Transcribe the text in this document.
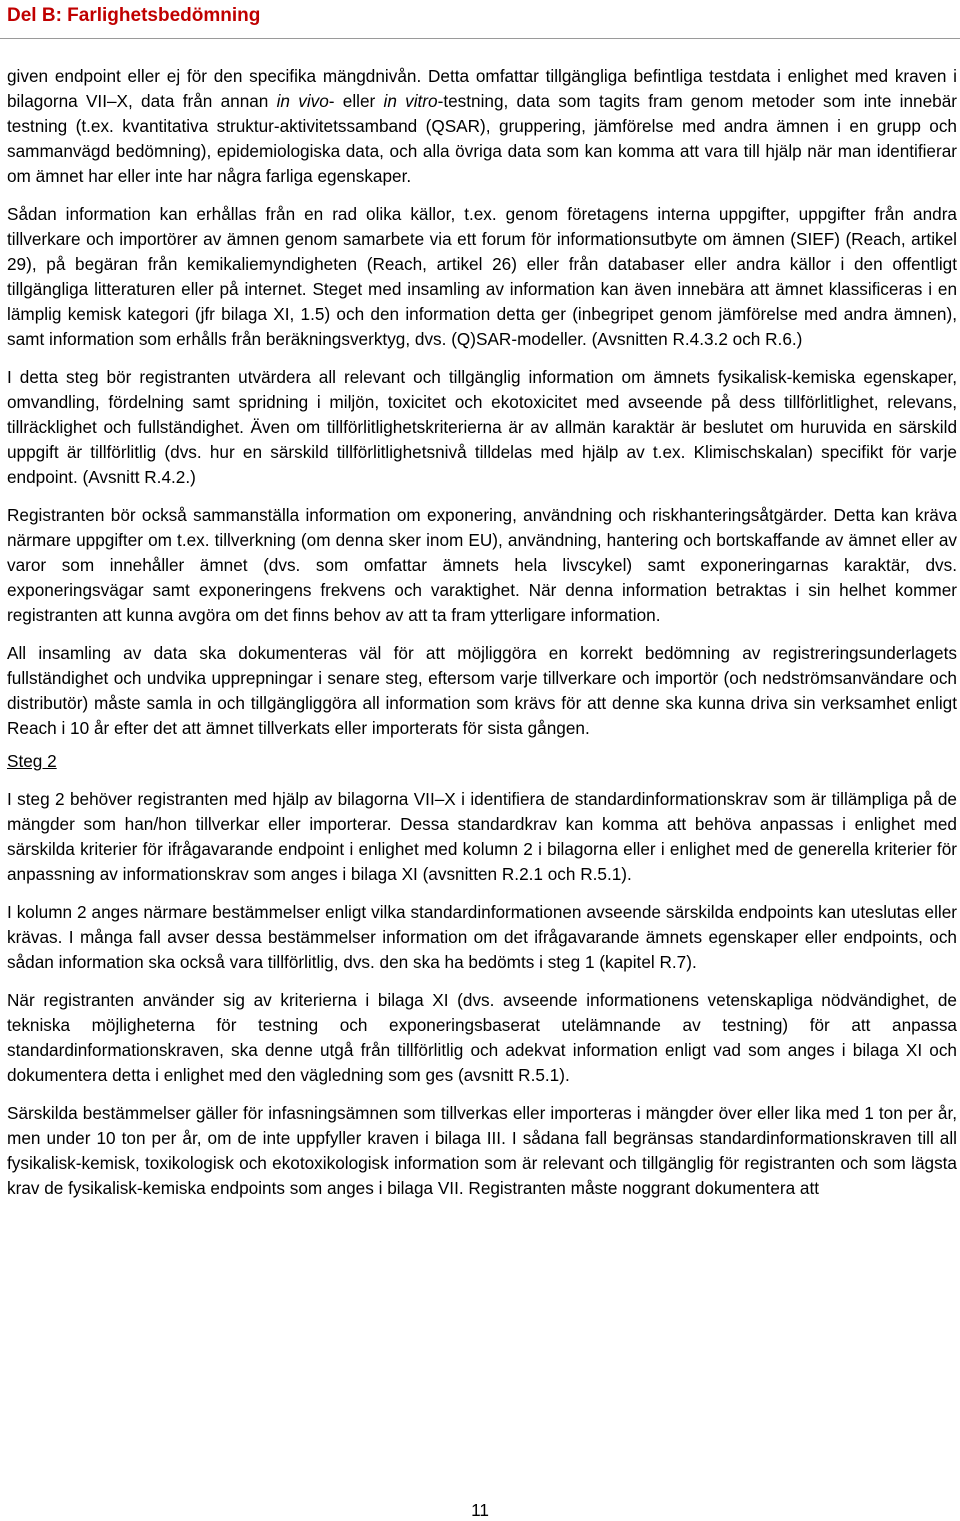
Del B: Farlighetsbedömning

given endpoint eller ej för den specifika mängdnivån. Detta omfattar tillgängliga befintliga testdata i enlighet med kraven i bilagorna VII–X, data från annan in vivo- eller in vitro-testning, data som tagits fram genom metoder som inte innebär testning (t.ex. kvantitativa struktur-aktivitetssamband (QSAR), gruppering, jämförelse med andra ämnen i en grupp och sammanvägd bedömning), epidemiologiska data, och alla övriga data som kan komma att vara till hjälp när man identifierar om ämnet har eller inte har några farliga egenskaper.

Sådan information kan erhållas från en rad olika källor, t.ex. genom företagens interna uppgifter, uppgifter från andra tillverkare och importörer av ämnen genom samarbete via ett forum för informationsutbyte om ämnen (SIEF) (Reach, artikel 29), på begäran från kemikaliemyndigheten (Reach, artikel 26) eller från databaser eller andra källor i den offentligt tillgängliga litteraturen eller på internet. Steget med insamling av information kan även innebära att ämnet klassificeras i en lämplig kemisk kategori (jfr bilaga XI, 1.5) och den information detta ger (inbegripet genom jämförelse med andra ämnen), samt information som erhålls från beräkningsverktyg, dvs. (Q)SAR-modeller. (Avsnitten R.4.3.2 och R.6.)

I detta steg bör registranten utvärdera all relevant och tillgänglig information om ämnets fysikalisk-kemiska egenskaper, omvandling, fördelning samt spridning i miljön, toxicitet och ekotoxicitet med avseende på dess tillförlitlighet, relevans, tillräcklighet och fullständighet. Även om tillförlitlighetskriterierna är av allmän karaktär är beslutet om huruvida en särskild uppgift är tillförlitlig (dvs. hur en särskild tillförlitlighetsnivå tilldelas med hjälp av t.ex. Klimischskalan) specifikt för varje endpoint. (Avsnitt R.4.2.)

Registranten bör också sammanställa information om exponering, användning och riskhanteringsåtgärder. Detta kan kräva närmare uppgifter om t.ex. tillverkning (om denna sker inom EU), användning, hantering och bortskaffande av ämnet eller av varor som innehåller ämnet (dvs. som omfattar ämnets hela livscykel) samt exponeringarnas karaktär, dvs. exponeringsvägar samt exponeringens frekvens och varaktighet. När denna information betraktas i sin helhet kommer registranten att kunna avgöra om det finns behov av att ta fram ytterligare information.

All insamling av data ska dokumenteras väl för att möjliggöra en korrekt bedömning av registreringsunderlagets fullständighet och undvika upprepningar i senare steg, eftersom varje tillverkare och importör (och nedströmsanvändare och distributör) måste samla in och tillgängliggöra all information som krävs för att denne ska kunna driva sin verksamhet enligt Reach i 10 år efter det att ämnet tillverkats eller importerats för sista gången.

Steg 2

I steg 2 behöver registranten med hjälp av bilagorna VII–X i identifiera de standardinformationskrav som är tillämpliga på de mängder som han/hon tillverkar eller importerar. Dessa standardkrav kan komma att behöva anpassas i enlighet med särskilda kriterier för ifrågavarande endpoint i enlighet med kolumn 2 i bilagorna eller i enlighet med de generella kriterier för anpassning av informationskrav som anges i bilaga XI (avsnitten R.2.1 och R.5.1).

I kolumn 2 anges närmare bestämmelser enligt vilka standardinformationen avseende särskilda endpoints kan uteslutas eller krävas. I många fall avser dessa bestämmelser information om det ifrågavarande ämnets egenskaper eller endpoints, och sådan information ska också vara tillförlitlig, dvs. den ska ha bedömts i steg 1 (kapitel R.7).

När registranten använder sig av kriterierna i bilaga XI (dvs. avseende informationens vetenskapliga nödvändighet, de tekniska möjligheterna för testning och exponeringsbaserat utelämnande av testning) för att anpassa standardinformationskraven, ska denne utgå från tillförlitlig och adekvat information enligt vad som anges i bilaga XI och dokumentera detta i enlighet med den vägledning som ges (avsnitt R.5.1).

Särskilda bestämmelser gäller för infasningsämnen som tillverkas eller importeras i mängder över eller lika med 1 ton per år, men under 10 ton per år, om de inte uppfyller kraven i bilaga III. I sådana fall begränsas standardinformationskraven till all fysikalisk-kemisk, toxikologisk och ekotoxikologisk information som är relevant och tillgänglig för registranten och som lägsta krav de fysikalisk-kemiska endpoints som anges i bilaga VII. Registranten måste noggrant dokumentera att

11
